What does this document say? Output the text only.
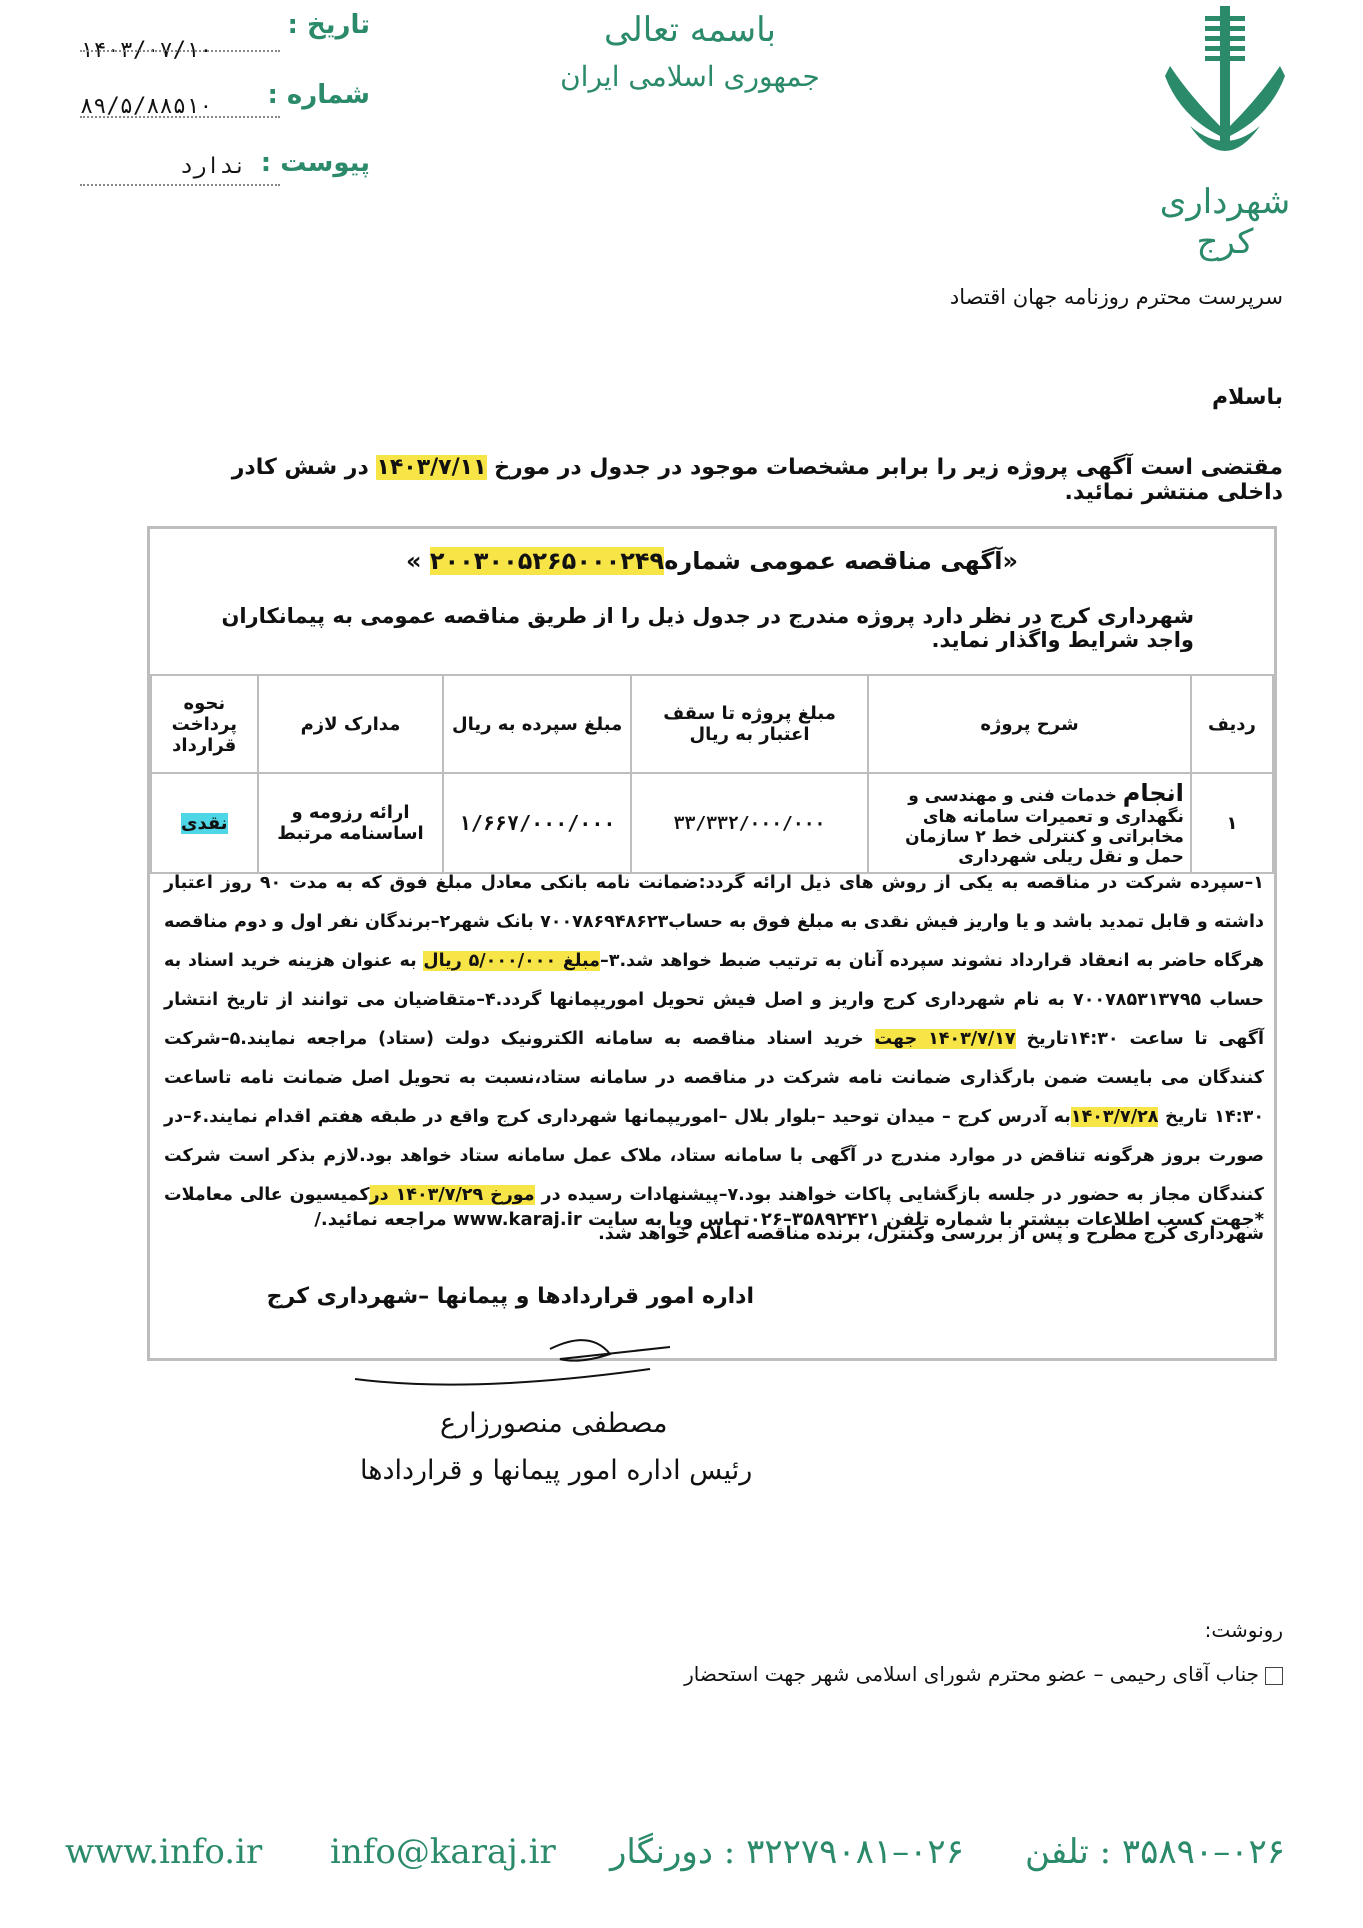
تاریخ :
۱۴۰۳/۰۷/۱۰
شماره :
۸۹/۵/۸۸۵۱۰
پیوست :
ندارد
باسمه تعالی
جمهوری اسلامی ایران
شهرداری کرج
سرپرست محترم روزنامه جهان اقتصاد
باسلام
مقتضی است آگهی پروژه زیر را برابر مشخصات موجود در جدول در مورخ ۱۴۰۳/۷/۱۱ در شش کادر داخلی منتشر نمائید.
«آگهی مناقصه عمومی شماره۲۰۰۳۰۰۵۲۶۵۰۰۰۲۴۹ »
شهرداری کرج در نظر دارد پروژه مندرج در جدول ذیل را از طریق مناقصه عمومی به پیمانکاران واجد شرایط واگذار نماید.
ردیف	شرح پروژه	مبلغ پروژه تا سقف اعتبار به ریال	مبلغ سپرده به ریال	مدارک لازم	نحوه پرداخت قرارداد
۱	انجام خدمات فنی و مهندسی و نگهداری و تعمیرات سامانه های مخابراتی و کنترلی خط ۲ سازمان حمل و نقل ریلی شهرداری	۳۳/۳۳۲/۰۰۰/۰۰۰	۱/۶۶۷/۰۰۰/۰۰۰	ارائه رزومه و اساسنامه مرتبط	نقدی
۱–سپرده شرکت در مناقصه به یکی از روش های ذیل ارائه گردد:ضمانت نامه بانکی معادل مبلغ فوق که به مدت ۹۰ روز اعتبار داشته و قابل تمدید باشد و یا واریز فیش نقدی به مبلغ فوق به حساب۷۰۰۷۸۶۹۴۸۶۲۳ بانک شهر۲–برندگان نفر اول و دوم مناقصه هرگاه حاضر به انعقاد قرارداد نشوند سپرده آنان به ترتیب ضبط خواهد شد.۳–مبلغ ۵/۰۰۰/۰۰۰ ریال به عنوان هزینه خرید اسناد به حساب ۷۰۰۷۸۵۳۱۳۷۹۵ به نام شهرداری کرج واریز و اصل فیش تحویل اموریپمانها گردد.۴–متقاضیان می توانند از تاریخ انتشار آگهی تا ساعت ۱۴:۳۰تاریخ ۱۴۰۳/۷/۱۷ جهت خرید اسناد مناقصه به سامانه الکترونیک دولت (ستاد) مراجعه نمایند.۵–شرکت کنندگان می بایست ضمن بارگذاری ضمانت نامه شرکت در مناقصه در سامانه ستاد،نسبت به تحویل اصل ضمانت نامه تاساعت ۱۴:۳۰ تاریخ ۱۴۰۳/۷/۲۸به آدرس کرج – میدان توحید –بلوار بلال –اموریپمانها شهرداری کرج واقع در طبقه هفتم اقدام نمایند.۶–در صورت بروز هرگونه تناقض در موارد مندرج در آگهی با سامانه ستاد، ملاک عمل سامانه ستاد خواهد بود.لازم بذکر است شرکت کنندگان مجاز به حضور در جلسه بازگشایی پاکات خواهند بود.۷–پیشنهادات رسیده در مورخ ۱۴۰۳/۷/۲۹ درکمیسیون عالی معاملات شهرداری کرج مطرح و پس از بررسی وکنترل، برنده مناقصه اعلام خواهد شد.
*جهت کسب اطلاعات بیشتر با شماره تلفن ۳۵۸۹۲۴۲۱–۰۲۶تماس ویا به سایت www.karaj.ir مراجعه نمائید./
اداره امور قراردادها و پیمانها –شهرداری کرج
مصطفی منصورزارع
رئیس اداره امور پیمانها و قراردادها
رونوشت:
جناب آقای رحیمی – عضو محترم شورای اسلامی شهر جهت استحضار
www.info.ir info@karaj.ir ۰۲۶–۳۲۲۷۹۰۸۱ : دورنگار ۰۲۶–۳۵۸۹۰ : تلفن
